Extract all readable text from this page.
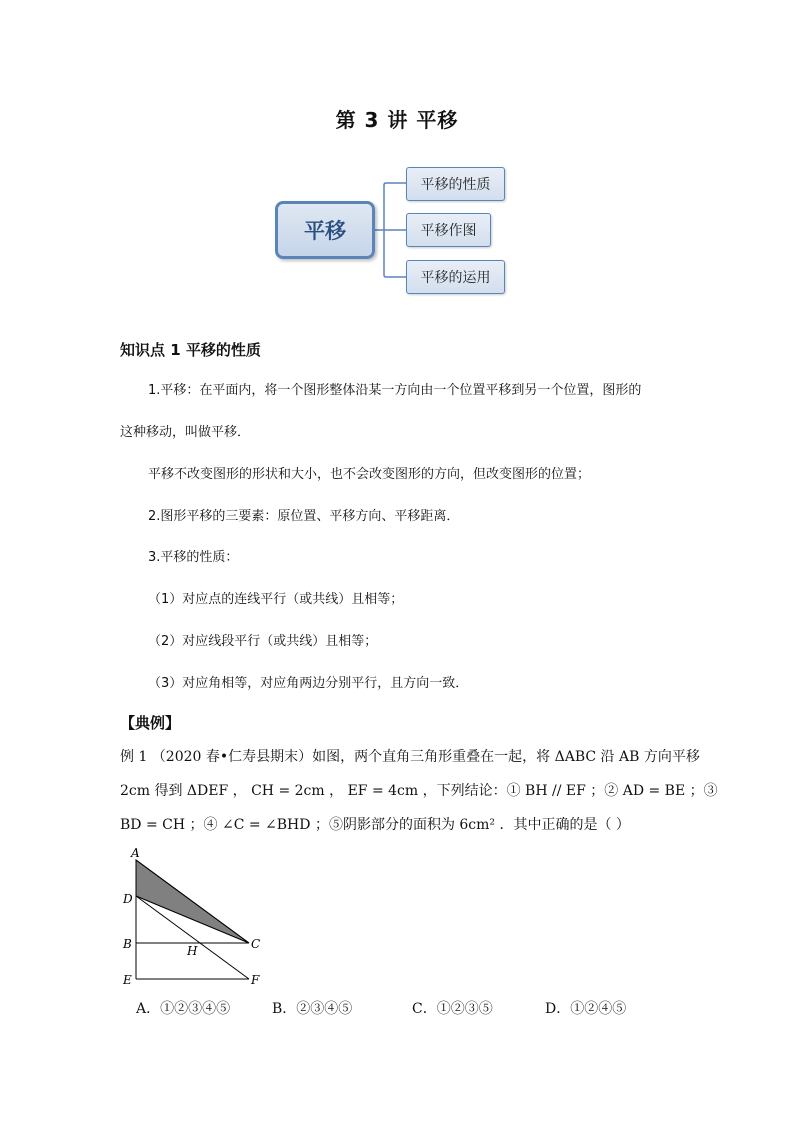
第 3 讲 平移
平移
平移的性质
平移作图
平移的运用
知识点 1 平移的性质
1.平移：在平面内，将一个图形整体沿某一方向由一个位置平移到另一个位置，图形的
这种移动，叫做平移．
平移不改变图形的形状和大小，也不会改变图形的方向，但改变图形的位置；
2.图形平移的三要素：原位置、平移方向、平移距离．
3.平移的性质：
（1）对应点的连线平行（或共线）且相等；
（2）对应线段平行（或共线）且相等；
（3）对应角相等，对应角两边分别平行，且方向一致．
【典例】
例 1 （2020 春•仁寿县期末）如图，两个直角三角形重叠在一起，将 ΔABC 沿 AB 方向平移
2cm 得到 ΔDEF ， CH = 2cm ， EF = 4cm ，下列结论：① BH // EF ；② AD = BE ；③
BD = CH ；④ ∠C = ∠BHD ；⑤阴影部分的面积为 6cm² ．其中正确的是（ ）
A
D
B
E
H	C
F
A．①②③④⑤	B．②③④⑤	C．①②③⑤	D．①②④⑤
